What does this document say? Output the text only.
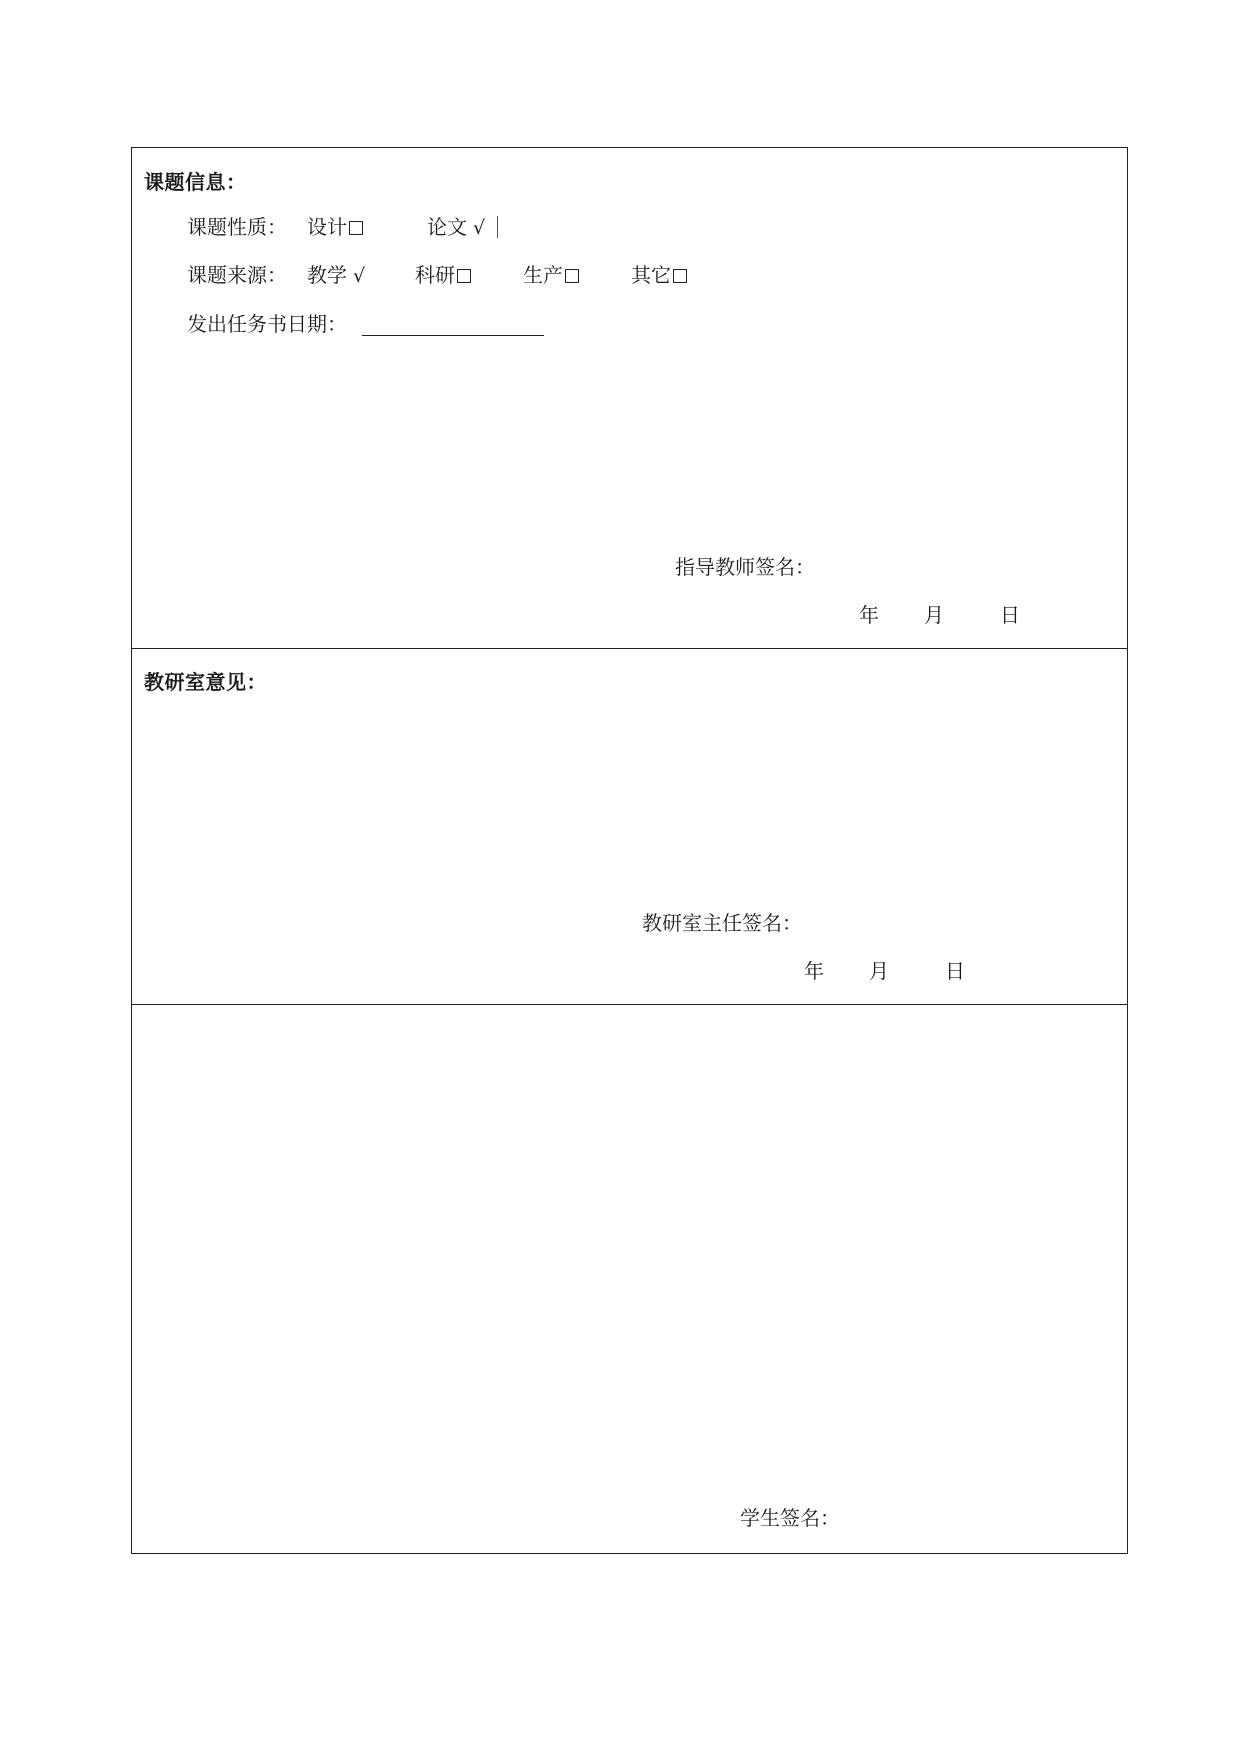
课题信息：
课题性质： 设计	论文 √
课题来源： 教学 √ 科研	生产	其它
发出任务书日期：
指导教师签名：
年 月	日
教研室意见：
教研室主任签名：
年 月	日
学生签名：
